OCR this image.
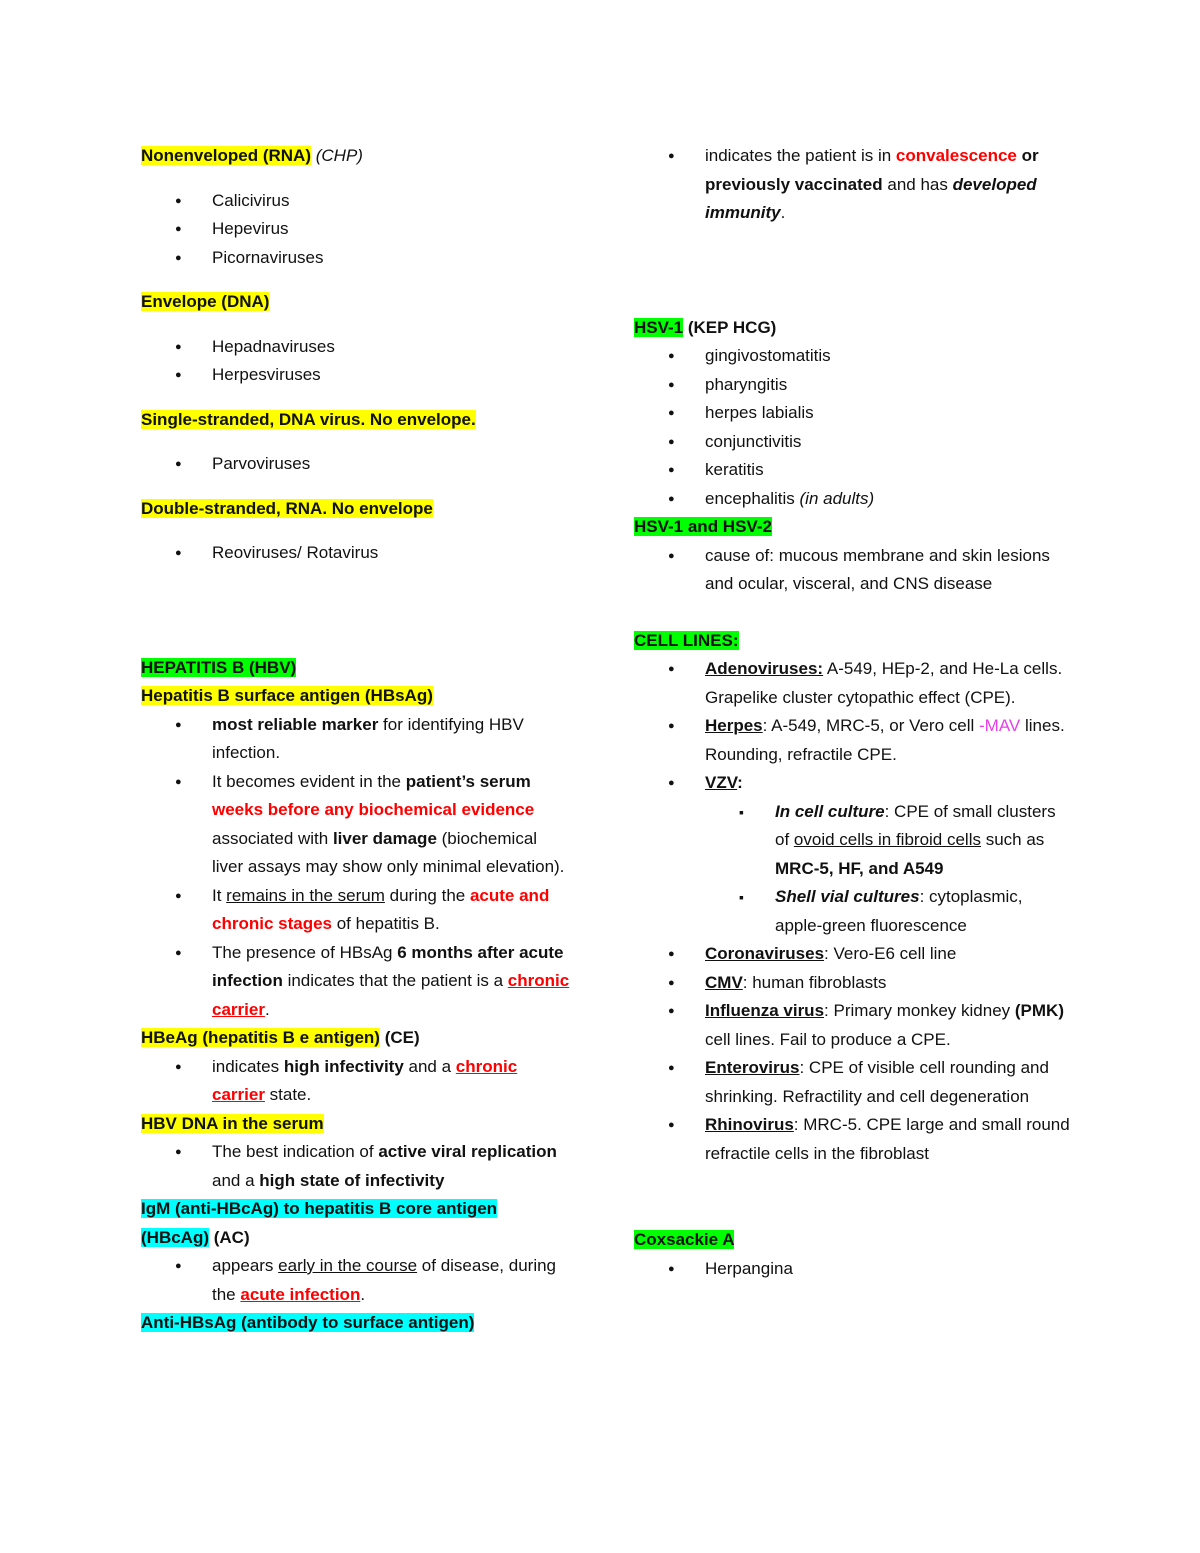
Nonenveloped (RNA) (CHP)
● Calicivirus
● Hepevirus
● Picornaviruses
Envelope (DNA)
● Hepadnaviruses
● Herpesviruses
Single-stranded, DNA virus. No envelope.
● Parvoviruses
Double-stranded, RNA. No envelope
● Reoviruses/ Rotavirus
HEPATITIS B (HBV)
Hepatitis B surface antigen (HBsAg)
● most reliable marker for identifying HBV infection.
● It becomes evident in the patient’s serum weeks before any biochemical evidence associated with liver damage (biochemical liver assays may show only minimal elevation).
● It remains in the serum during the acute and chronic stages of hepatitis B.
● The presence of HBsAg 6 months after acute infection indicates that the patient is a chronic carrier.
HBeAg (hepatitis B e antigen) (CE)
● indicates high infectivity and a chronic carrier state.
HBV DNA in the serum
● The best indication of active viral replication and a high state of infectivity
IgM (anti-HBcAg) to hepatitis B core antigen (HBcAg) (AC)
● appears early in the course of disease, during the acute infection.
Anti-HBsAg (antibody to surface antigen)
● indicates the patient is in convalescence or previously vaccinated and has developed immunity.
HSV-1 (KEP HCG)
● gingivostomatitis
● pharyngitis
● herpes labialis
● conjunctivitis
● keratitis
● encephalitis (in adults)
HSV-1 and HSV-2
● cause of: mucous membrane and skin lesions and ocular, visceral, and CNS disease
CELL LINES:
● Adenoviruses: A-549, HEp-2, and He-La cells. Grapelike cluster cytopathic effect (CPE).
● Herpes: A-549, MRC-5, or Vero cell -MAV lines. Rounding, refractile CPE.
● VZV:
▪ In cell culture: CPE of small clusters of ovoid cells in fibroid cells such as MRC-5, HF, and A549
▪ Shell vial cultures: cytoplasmic, apple-green fluorescence
● Coronaviruses: Vero-E6 cell line
● CMV: human fibroblasts
● Influenza virus: Primary monkey kidney (PMK) cell lines. Fail to produce a CPE.
● Enterovirus: CPE of visible cell rounding and shrinking. Refractility and cell degeneration
● Rhinovirus: MRC-5. CPE large and small round refractile cells in the fibroblast
Coxsackie A
● Herpangina
